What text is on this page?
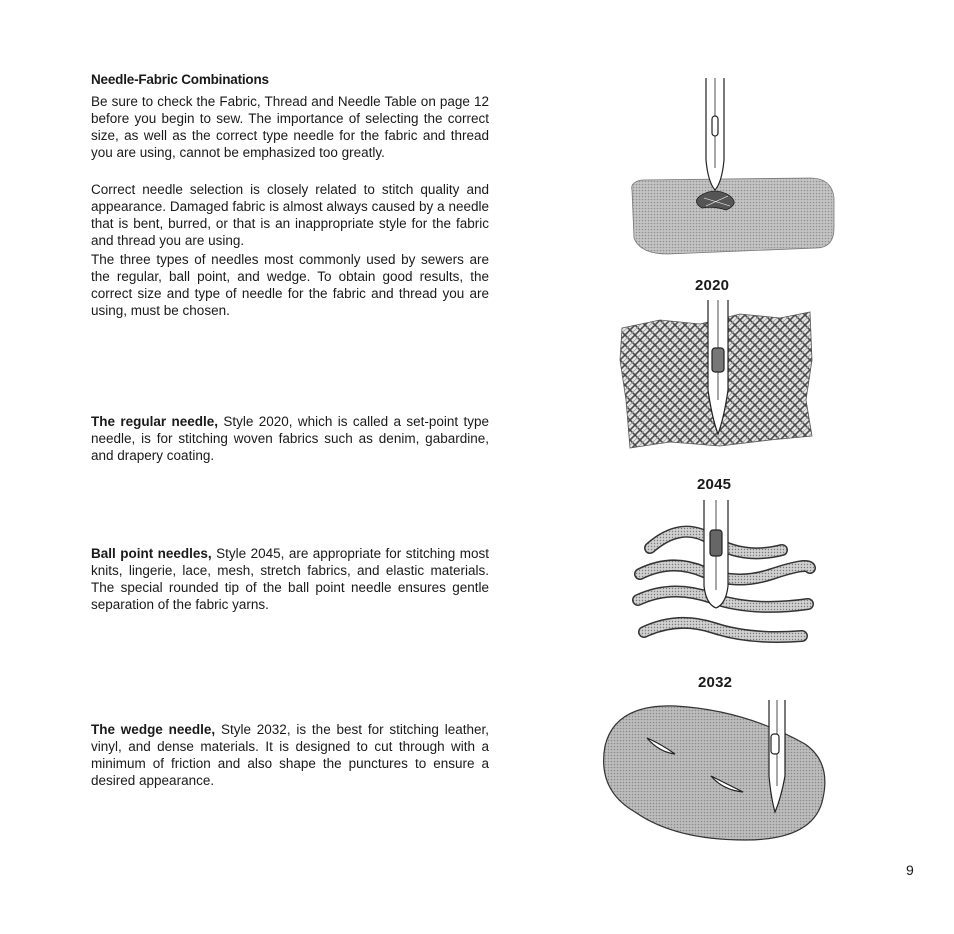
Needle-Fabric Combinations

Be sure to check the Fabric, Thread and Needle Table on page 12 before you begin to sew. The importance of selecting the correct size, as well as the correct type needle for the fabric and thread you are using, cannot be emphasized too greatly.

Correct needle selection is closely related to stitch quality and appearance. Damaged fabric is almost always caused by a needle that is bent, burred, or that is an inappropriate style for the fabric and thread you are using.

The three types of needles most commonly used by sewers are the regular, ball point, and wedge. To obtain good results, the correct size and type of needle for the fabric and thread you are using, must be chosen.

The regular needle, Style 2020, which is called a set-point type needle, is for stitching woven fabrics such as denim, gabardine, and drapery coating.

Ball point needles, Style 2045, are appropriate for stitching most knits, lingerie, lace, mesh, stretch fabrics, and elastic materials. The special rounded tip of the ball point needle ensures gentle separation of the fabric yarns.

The wedge needle, Style 2032, is the best for stitching leather, vinyl, and dense materials. It is designed to cut through with a minimum of friction and also shape the punctures to ensure a desired appearance.

2020
2045
2032
9
